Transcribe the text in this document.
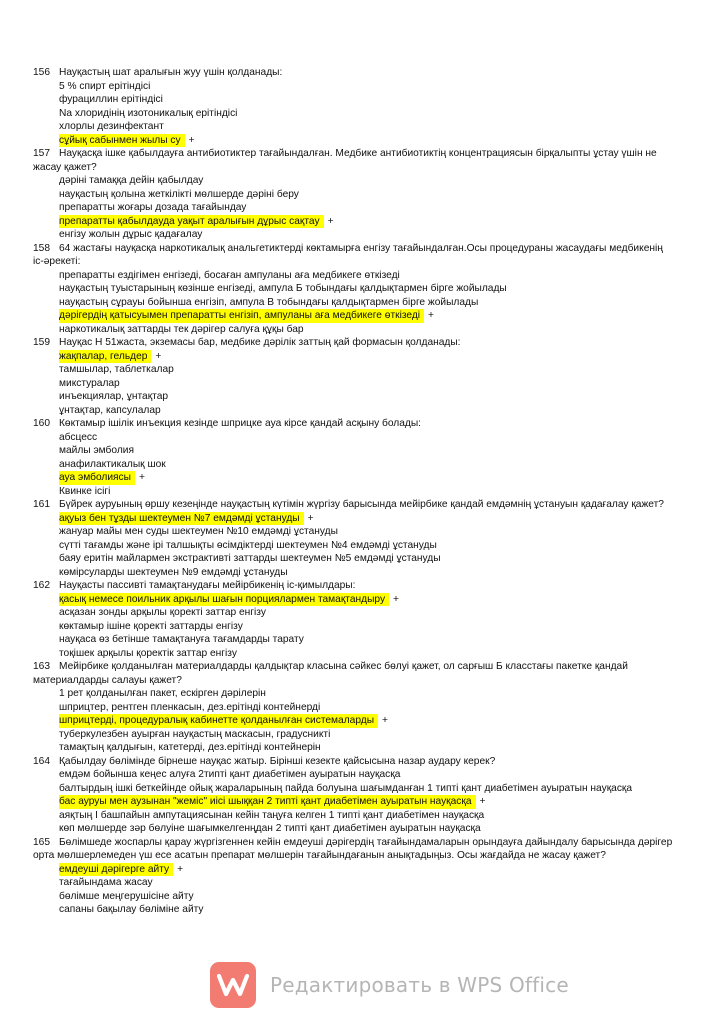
156 Науқастың шат аралығын жуу үшін қолданады:
5 % спирт ерітіндісі
фурациллин ерітіндісі
Na хлоридінің изотоникалық ерітіндісі
хлорлы дезинфектант
сұйық сабынмен жылы су +
157 Науқасқа ішке қабылдауға антибиотиктер тағайындалған. Медбике антибиотиктің концентрациясын бірқалыпты ұстау үшін не жасау қажет?
дәріні тамаққа дейін қабылдау
науқастың қолына жеткілікті мөлшерде дәріні беру
препаратты жоғары дозада тағайындау
препаратты қабылдауда уақыт аралығын дұрыс сақтау +
енгізу жолын дұрыс қадағалау
158 64 жастағы науқасқа наркотикалық анальгетиктерді көктамырға енгізу тағайындалған.Осы процедураны жасаудағы медбикенің іс-әрекеті:
препаратты ездігімен енгізеді, босаған ампуланы аға медбикеге өткізеді
науқастың туыстарының көзінше енгізеді, ампула Б тобындағы қалдықтармен бірге жойылады
науқастың сұрауы бойынша енгізіп, ампула В тобындағы қалдықтармен бірге жойылады
дәрігердің қатысуымен препаратты енгізіп, ампуланы аға медбикеге өткізеді +
наркотикалық заттарды тек дәрігер салуға құқы бар
159 Науқас Н 51жаста, экземасы бар, медбике дәрілік заттың қай формасын қолданады:
жақпалар, гельдер +
тамшылар, таблеткалар
микстуралар
инъекциялар, ұнтақтар
ұнтақтар, капсулалар
160 Көктамыр ішілік инъекция кезінде шприцке ауа кірсе қандай асқыну болады:
абсцесс
майлы эмболия
анафилактикалық шок
ауа эмболиясы +
Квинке ісігі
161 Бүйрек ауруының өршу кезеңінде науқастың күтімін жүргізу барысында мейірбике қандай емдәмнің ұстануын қадағалау қажет?
ақуыз бен тұзды шектеумен №7 емдәмді ұстануды +
жануар майы мен суды шектеумен №10 емдәмді ұстануды
сүтті тағамды және ірі талшықты өсімдіктерді шектеумен №4 емдәмді ұстануды
баяу еритін майлармен экстрактивті заттарды шектеумен №5 емдәмді ұстануды
көмірсуларды шектеумен №9 емдәмді ұстануды
162 Науқасты пассивті тамақтанудағы мейірбикенің іс-қимылдары:
қасық немесе поильник арқылы шағын порциялармен тамақтандыру +
асқазан зонды арқылы қоректі заттар енгізу
көктамыр ішіне қоректі заттарды енгізу
науқаса өз бетінше тамақтануға тағамдарды тарату
тоқішек арқылы қоректік заттар енгізу
163 Мейірбике қолданылған материалдарды қалдықтар класына сәйкес бөлуі қажет, ол сарғыш Б класстағы пакетке қандай материалдарды салауы қажет?
1 рет қолданылған пакет, ескірген дәрілерін
шприцтер, рентген пленкасын, дез.ерітінді контейнерді
шприцтерді, процедуралық кабинетте қолданылған системаларды +
туберкулезбен ауырған науқастың маскасын, градусникті
тамақтың қалдығын, катетерді, дез.ерітінді контейнерін
164 Қабылдау бөлімінде бірнеше науқас жатыр. Бірінші кезекте қайсысына назар аудару керек?
емдәм бойынша кеңес алуға 2типті қант диабетімен ауыратын науқасқа
балтырдың ішкі беткейінде ойық жараларының пайда болуына шағымданған 1 типті қант диабетімен ауыратын науқасқа
бас ауруы мен аузынан "жеміс" иісі шыққан 2 типті қант диабетімен ауыратын науқасқа +
аяқтың І башпайын ампутациясынан кейін таңуға келген 1 типті қант диабетімен науқасқа
көп мөлшерде зәр бөлуіне шағымкелгенңдан 2 типті қант диабетімен ауыратын науқасқа
165 Бөлімшеде жоспарлы қарау жүргізгеннен кейін емдеуші дәрігердің тағайындамаларын орындауға дайындалу барысында дәрігер орта мөлшерлемеден үш есе асатын препарат мөлшерін тағайындағанын анықтадыңыз. Осы жағдайда не жасау қажет?
емдеуші дәрігерге айту +
тағайындама жасау
бөлімше меңгерушісіне айту
сапаны бақылау бөліміне айту
Редактировать в WPS Office
